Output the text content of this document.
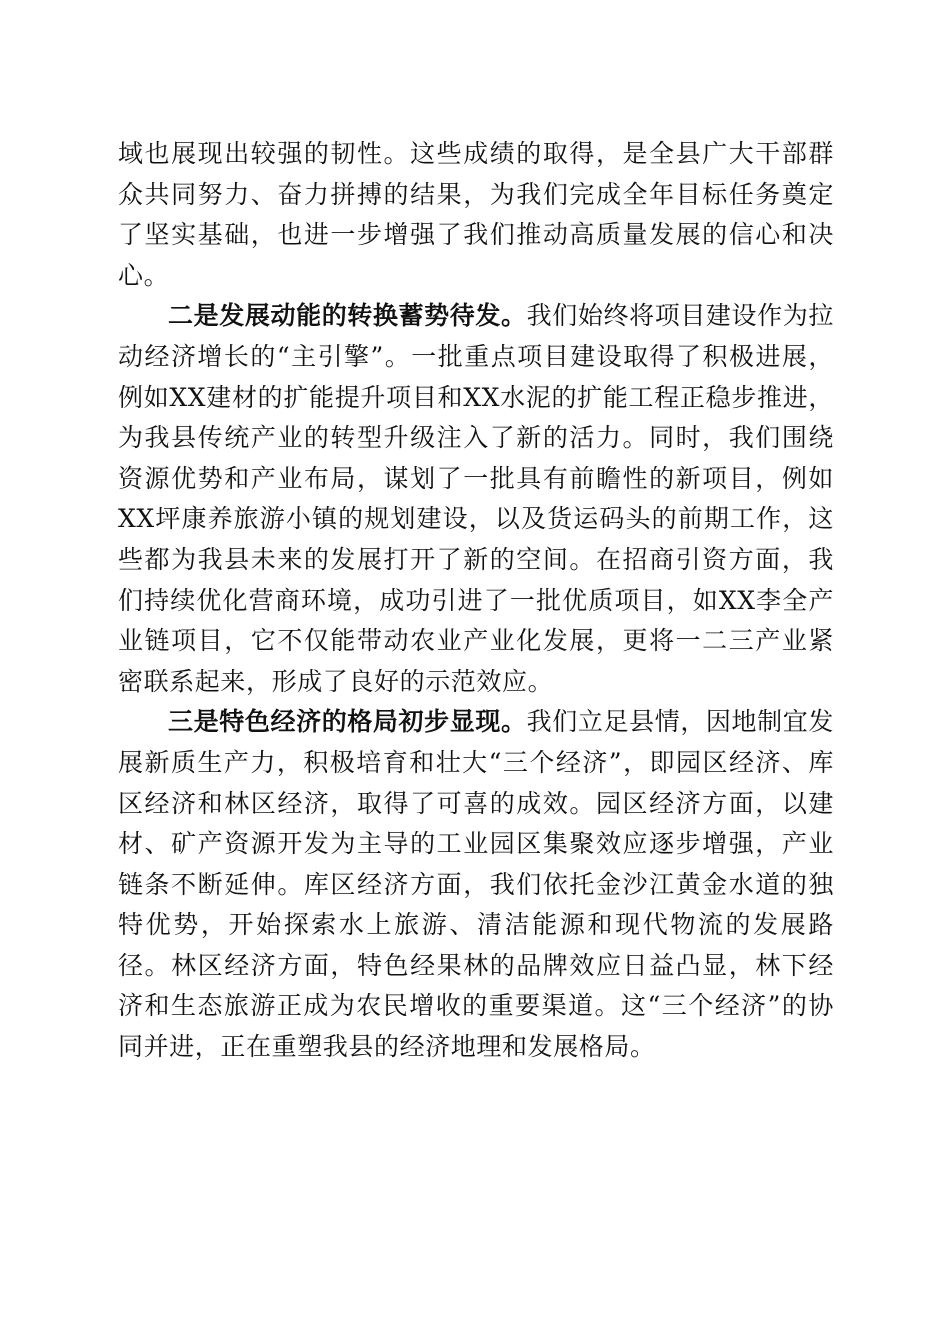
域也展现出较强的韧性。这些成绩的取得，是全县广大干部群众共同努力、奋力拼搏的结果，为我们完成全年目标任务奠定了坚实基础，也进一步增强了我们推动高质量发展的信心和决心。

二是发展动能的转换蓄势待发。我们始终将项目建设作为拉动经济增长的“主引擎”。一批重点项目建设取得了积极进展，例如XX建材的扩能提升项目和XX水泥的扩能工程正稳步推进，为我县传统产业的转型升级注入了新的活力。同时，我们围绕资源优势和产业布局，谋划了一批具有前瞻性的新项目，例如XX坪康养旅游小镇的规划建设，以及货运码头的前期工作，这些都为我县未来的发展打开了新的空间。在招商引资方面，我们持续优化营商环境，成功引进了一批优质项目，如XX李全产业链项目，它不仅能带动农业产业化发展，更将一二三产业紧密联系起来，形成了良好的示范效应。

三是特色经济的格局初步显现。我们立足县情，因地制宜发展新质生产力，积极培育和壮大“三个经济”，即园区经济、库区经济和林区经济，取得了可喜的成效。园区经济方面，以建材、矿产资源开发为主导的工业园区集聚效应逐步增强，产业链条不断延伸。库区经济方面，我们依托金沙江黄金水道的独特优势，开始探索水上旅游、清洁能源和现代物流的发展路径。林区经济方面，特色经果林的品牌效应日益凸显，林下经济和生态旅游正成为农民增收的重要渠道。这“三个经济”的协同并进，正在重塑我县的经济地理和发展格局。
